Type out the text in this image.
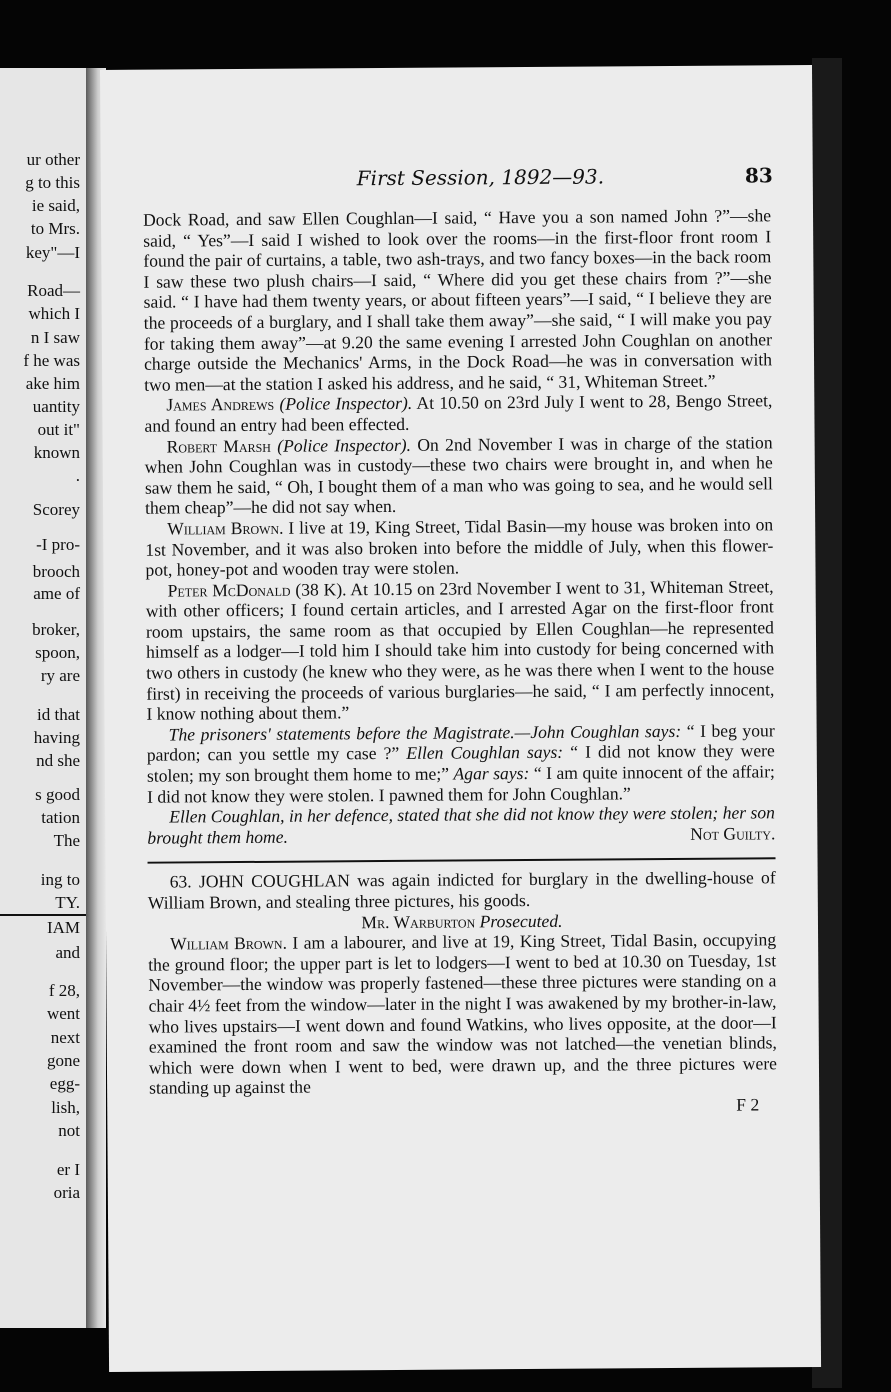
ur other
g to this
ie said,
to Mrs.
key"—I
Road—
which I
n I saw
f he was
ake him
uantity
out it"
known
.
Scorey
-I pro-
brooch
ame of
broker,
spoon,
ry are
id that
having
nd she
s good
tation
The
ing to
TY.
IAM
and
f 28,
went
next
gone
egg-
lish,
not
er I
oria
First Session, 1892—93.	83

Dock Road, and saw Ellen Coughlan—I said, “ Have you a son named John ?”—she said, “ Yes”—I said I wished to look over the rooms—in the first-floor front room I found the pair of curtains, a table, two ash-trays, and two fancy boxes—in the back room I saw these two plush chairs—I said, “ Where did you get these chairs from ?”—she said. “ I have had them twenty years, or about fifteen years”—I said, “ I believe they are the proceeds of a burglary, and I shall take them away”—she said, “ I will make you pay for taking them away”—at 9.20 the same evening I arrested John Coughlan on another charge outside the Mechanics' Arms, in the Dock Road—he was in conversation with two men—at the station I asked his address, and he said, “ 31, Whiteman Street.”

James Andrews (Police Inspector). At 10.50 on 23rd July I went to 28, Bengo Street, and found an entry had been effected.

Robert Marsh (Police Inspector). On 2nd November I was in charge of the station when John Coughlan was in custody—these two chairs were brought in, and when he saw them he said, “ Oh, I bought them of a man who was going to sea, and he would sell them cheap”—he did not say when.

William Brown. I live at 19, King Street, Tidal Basin—my house was broken into on 1st November, and it was also broken into before the middle of July, when this flower-pot, honey-pot and wooden tray were stolen.

Peter McDonald (38 K). At 10.15 on 23rd November I went to 31, Whiteman Street, with other officers; I found certain articles, and I arrested Agar on the first-floor front room upstairs, the same room as that occupied by Ellen Coughlan—he represented himself as a lodger—I told him I should take him into custody for being concerned with two others in custody (he knew who they were, as he was there when I went to the house first) in receiving the proceeds of various burglaries—he said, “ I am perfectly innocent, I know nothing about them.”

The prisoners' statements before the Magistrate.—John Coughlan says: “ I beg your pardon; can you settle my case ?” Ellen Coughlan says: “ I did not know they were stolen; my son brought them home to me;” Agar says: “ I am quite innocent of the affair; I did not know they were stolen. I pawned them for John Coughlan.”

Ellen Coughlan, in her defence, stated that she did not know they were stolen; her son brought them home.	Not Guilty.

63. JOHN COUGHLAN was again indicted for burglary in the dwelling-house of William Brown, and stealing three pictures, his goods.

Mr. Warburton Prosecuted.

William Brown. I am a labourer, and live at 19, King Street, Tidal Basin, occupying the ground floor; the upper part is let to lodgers—I went to bed at 10.30 on Tuesday, 1st November—the window was properly fastened—these three pictures were standing on a chair 4½ feet from the window—later in the night I was awakened by my brother-in-law, who lives upstairs—I went down and found Watkins, who lives opposite, at the door—I examined the front room and saw the window was not latched—the venetian blinds, which were down when I went to bed, were drawn up, and the three pictures were standing up against the

F 2
